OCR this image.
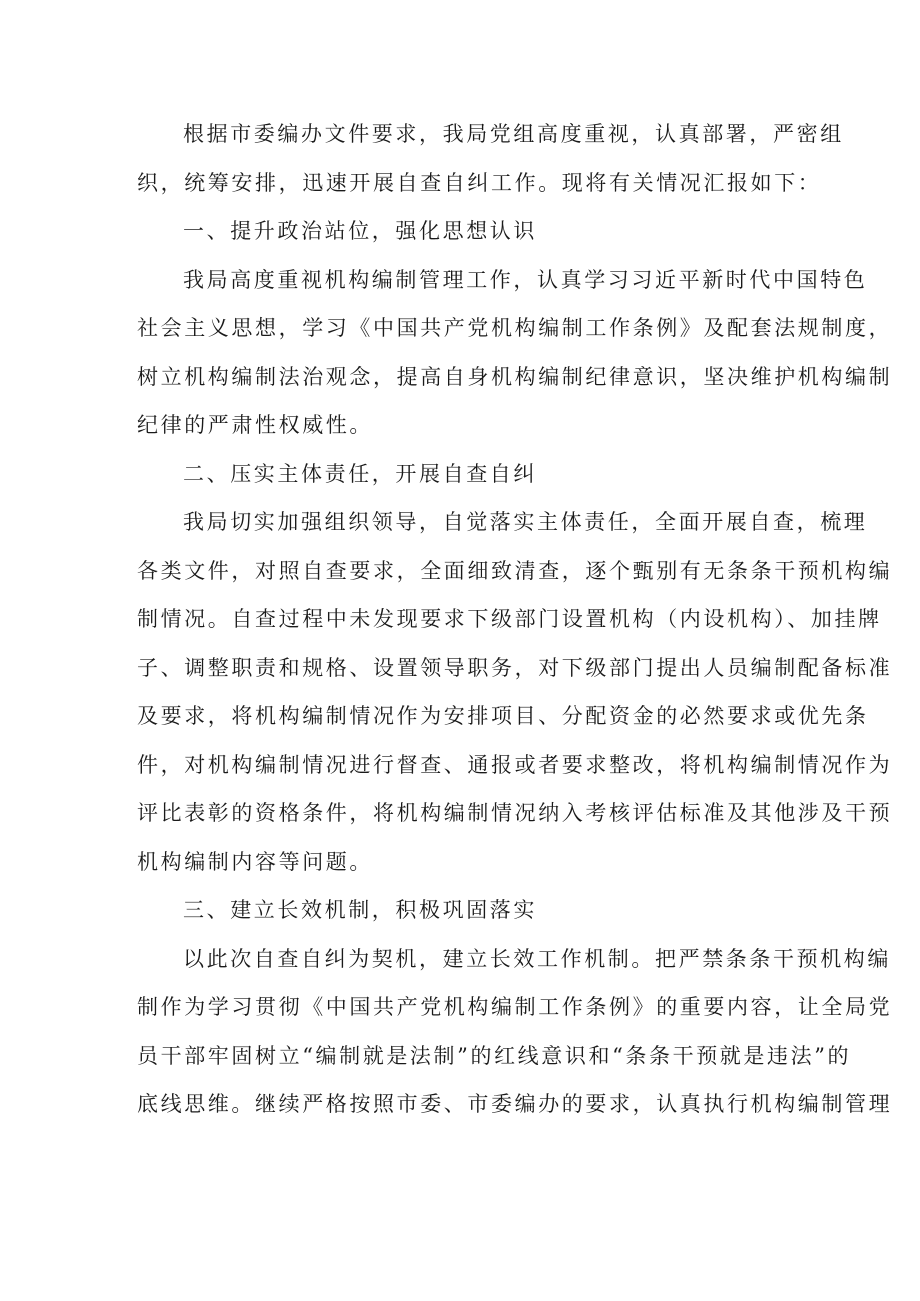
根据市委编办文件要求，我局党组高度重视，认真部署，严密组
织，统筹安排，迅速开展自查自纠工作。现将有关情况汇报如下：
一、提升政治站位，强化思想认识
我局高度重视机构编制管理工作，认真学习习近平新时代中国特色
社会主义思想，学习《中国共产党机构编制工作条例》及配套法规制度，
树立机构编制法治观念，提高自身机构编制纪律意识，坚决维护机构编制
纪律的严肃性权威性。
二、压实主体责任，开展自查自纠
我局切实加强组织领导，自觉落实主体责任，全面开展自查，梳理
各类文件，对照自查要求，全面细致清查，逐个甄别有无条条干预机构编
制情况。自查过程中未发现要求下级部门设置机构（内设机构）、加挂牌
子、调整职责和规格、设置领导职务，对下级部门提出人员编制配备标准
及要求，将机构编制情况作为安排项目、分配资金的必然要求或优先条
件，对机构编制情况进行督查、通报或者要求整改，将机构编制情况作为
评比表彰的资格条件，将机构编制情况纳入考核评估标准及其他涉及干预
机构编制内容等问题。
三、建立长效机制，积极巩固落实
以此次自查自纠为契机，建立长效工作机制。把严禁条条干预机构编
制作为学习贯彻《中国共产党机构编制工作条例》的重要内容，让全局党
员干部牢固树立“编制就是法制”的红线意识和“条条干预就是违法”的
底线思维。继续严格按照市委、市委编办的要求，认真执行机构编制管理
